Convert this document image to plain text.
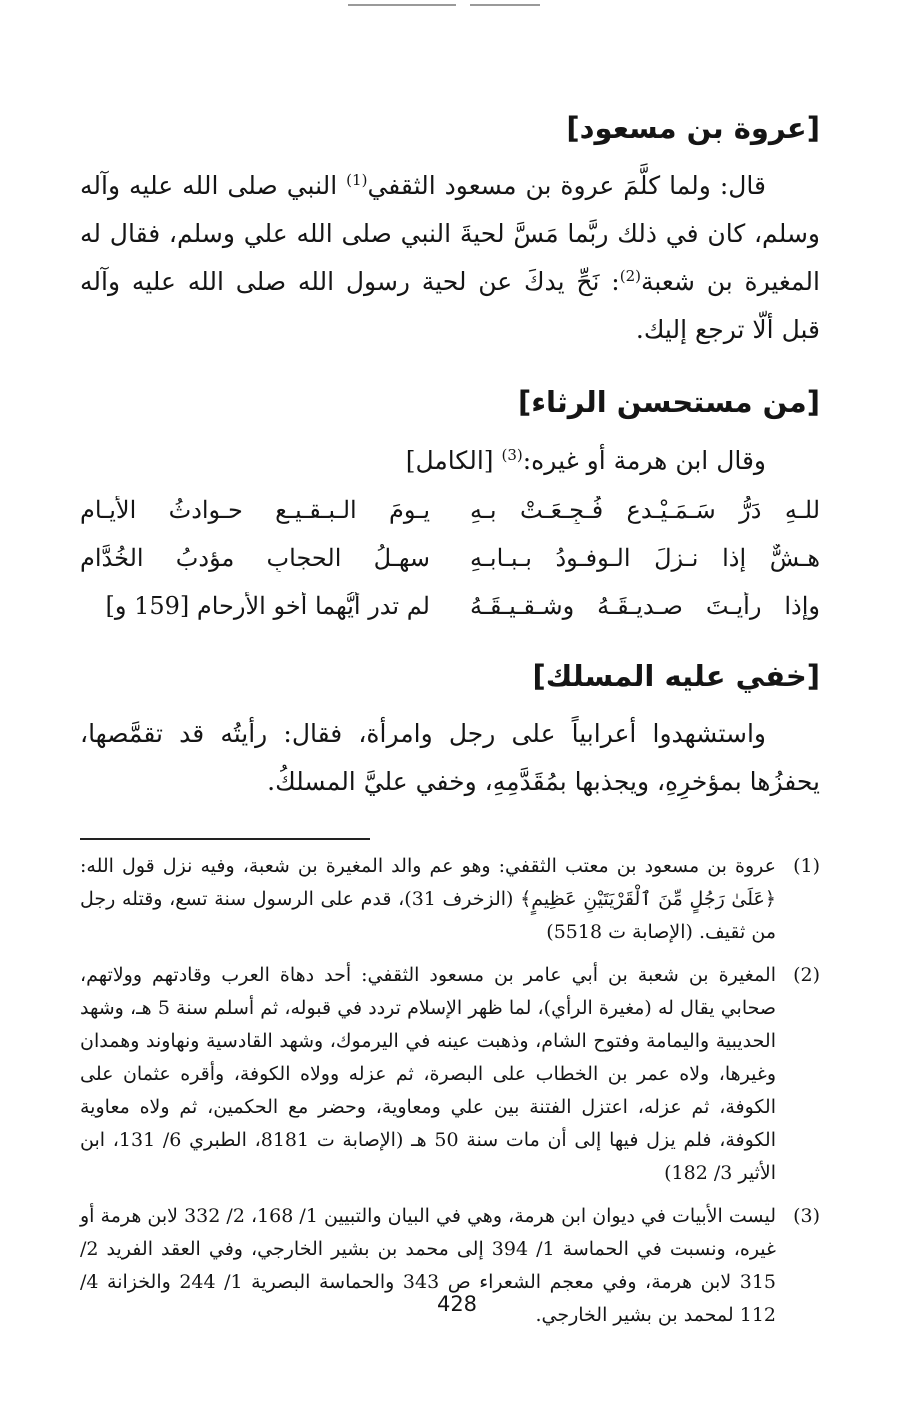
[عروة بن مسعود]

قال: ولما كلَّمَ عروة بن مسعود الثقفي$^{(1)}$ النبي صلى الله عليه وآله وسلم، كان في ذلك ربَّما مَسَّ لحيةَ النبي صلى الله علي وسلم، فقال له المغيرة بن شعبة$^{(2)}$: نَحِّ يدكَ عن لحية رسول الله صلى الله عليه وآله قبل ألّا ترجع إليك.

[من مستحسن الرثاء]

وقال ابن هرمة أو غيره:$^{(3)}$ [الكامل]

للـهِ دَرُّ سَـمَـيْـدعٍ فُـجِـعَـتْ بـهِ
يـومَ الـبـقـيـعِ حـوادثُ الأيـام
هـشٌّ إذا نـزلَ الـوفـودُ بـبـابـهِ
سهـلُ الحجابِ مؤدبُ الخُدَّامِ
وإذا رأيـتَ صـديـقَـهُ وشـقـيـقَـهُ
لم تدرِ أيُّهما أخو الأرحامِ [159 و]
[خفي عليه المسلك]

واستشهدوا أعرابياً على رجل وامرأة، فقال: رأيتُه قد تقمَّصها، يحفزُها بمؤخرِهِ، ويجذبها بمُقَدَّمِهِ، وخفي عليَّ المسلكُ.

(1)
عروة بن مسعود بن معتب الثقفي: وهو عم والد المغيرة بن شعبة، وفيه نزل قول الله: ﴿عَلَىٰ رَجُلٍ مِّنَ ٱلْقَرْيَتَيْنِ عَظِيمٍ﴾ (الزخرف 31)، قدم على الرسول سنة تسع، وقتله رجل من ثقيف. (الإصابة ت 5518)
(2)
المغيرة بن شعبة بن أبي عامر بن مسعود الثقفي: أحد دهاة العرب وقادتهم وولاتهم، صحابي يقال له (مغيرة الرأي)، لما ظهر الإسلام تردد في قبوله، ثم أسلم سنة 5 هـ، وشهد الحديبية واليمامة وفتوح الشام، وذهبت عينه في اليرموك، وشهد القادسية ونهاوند وهمدان وغيرها، ولاه عمر بن الخطاب على البصرة، ثم عزله وولاه الكوفة، وأقره عثمان على الكوفة، ثم عزله، اعتزل الفتنة بين علي ومعاوية، وحضر مع الحكمين، ثم ولاه معاوية الكوفة، فلم يزل فيها إلى أن مات سنة 50 هـ (الإصابة ت 8181، الطبري 6/ 131، ابن الأثير 3/ 182)
(3)
ليست الأبيات في ديوان ابن هرمة، وهي في البيان والتبيين 1/ 168، 2/ 332 لابن هرمة أو غيره، ونسبت في الحماسة 1/ 394 إلى محمد بن بشير الخارجي، وفي العقد الفريد 2/ 315 لابن هرمة، وفي معجم الشعراء ص 343 والحماسة البصرية 1/ 244 والخزانة 4/ 112 لمحمد بن بشير الخارجي.
428
